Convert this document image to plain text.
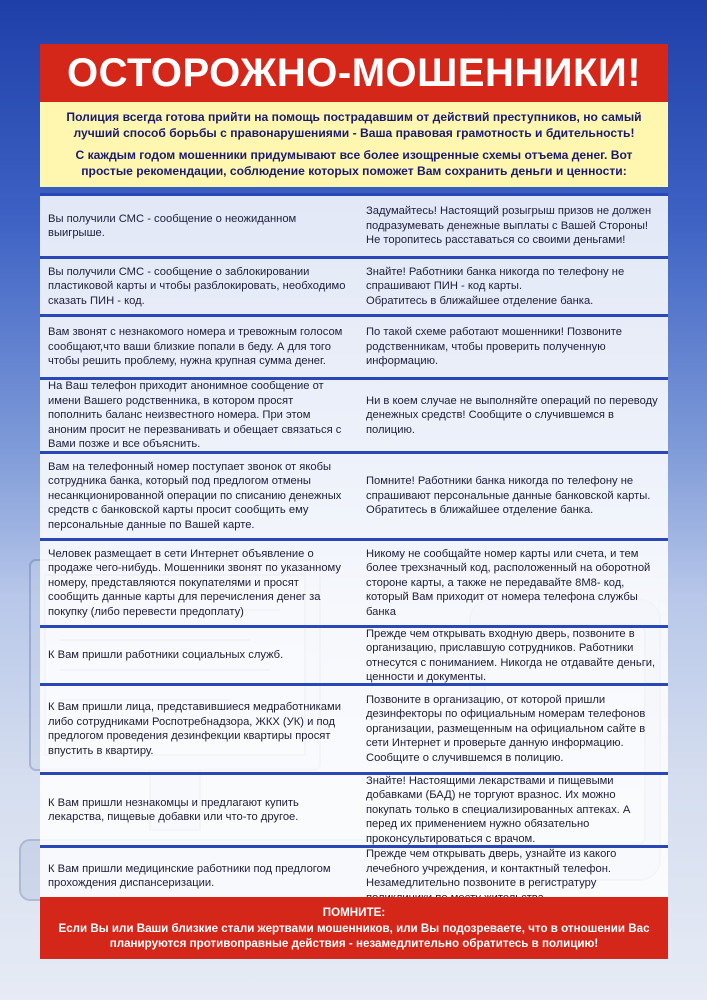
ОСТОРОЖНО-МОШЕННИКИ!

Полиция всегда готова прийти на помощь пострадавшим от действий преступников, но самый лучший способ борьбы с правонарушениями - Ваша правовая грамотность и бдительность!

С каждым годом мошенники придумывают все более изощренные схемы отъема денег. Вот простые рекомендации, соблюдение которых поможет Вам сохранить деньги и ценности:

Вы получили СМС - сообщение о неожиданном выигрыше.
Задумайтесь! Настоящий розыгрыш призов не должен подразумевать денежные выплаты с Вашей Стороны! Не торопитесь расставаться со своими деньгами!
Вы получили СМС - сообщение о заблокировании пластиковой карты и чтобы разблокировать, необходимо сказать ПИН - код.
Знайте! Работники банка никогда по телефону не спрашивают ПИН - код карты.
Обратитесь в ближайшее отделение банка.
Вам звонят с незнакомого номера и тревожным голосом сообщают,что ваши близкие попали в беду. А для того чтобы решить проблему, нужна крупная сумма денег.
По такой схеме работают мошенники! Позвоните родственникам, чтобы проверить полученную информацию.
На Ваш телефон приходит анонимное сообщение от имени Вашего родственника, в котором просят пополнить баланс неизвестного номера. При этом аноним просит не перезванивать и обещает связаться с Вами позже и все объяснить.
Ни в коем случае не выполняйте операций по переводу денежных средств! Сообщите о случившемся в полицию.
Вам на телефонный номер поступает звонок от якобы сотрудника банка, который под предлогом отмены несанкционированной операции по списанию денежных средств с банковской карты просит сообщить ему персональные данные по Вашей карте.
Помните! Работники банка никогда по телефону не спрашивают персональные данные банковской карты.
Обратитесь в ближайшее отделение банка.
Человек размещает в сети Интернет объявление о продаже чего-нибудь. Мошенники звонят по указанному номеру, представляются покупателями и просят сообщить данные карты для перечисления денег за покупку (либо перевести предоплату)
Никому не сообщайте номер карты или счета, и тем более трехзначный код, расположенный на оборотной стороне карты, а также не передавайте 8М8- код, который Вам приходит от номера телефона службы банка
К Вам пришли работники социальных служб.
Прежде чем открывать входную дверь, позвоните в организацию, приславшую сотрудников. Работники отнесутся с пониманием. Никогда не отдавайте деньги, ценности и документы.
К Вам пришли лица, представившиеся медработниками либо сотрудниками Роспотребнадзора, ЖКХ (УК) и под предлогом проведения дезинфекции квартиры просят впустить в квартиру.
Позвоните в организацию, от которой пришли дезинфекторы по официальным номерам телефонов организации, размещенным на официальном сайте в сети Интернет и проверьте данную информацию. Сообщите о случившемся в полицию.
К Вам пришли незнакомцы и предлагают купить лекарства, пищевые добавки или что-то другое.
Знайте! Настоящими лекарствами и пищевыми добавками (БАД) не торгуют вразнос. Их можно покупать только в специализированных аптеках. А перед их применением нужно обязательно проконсультироваться с врачом.
К Вам пришли медицинские работники под предлогом прохождения диспансеризации.
Прежде чем открывать дверь, узнайте из какого лечебного учреждения, и контактный телефон. Незамедлительно позвоните в регистратуру
ПОМНИТЕ:
Если Вы или Ваши близкие стали жертвами мошенников, или Вы подозреваете, что в отношении Вас планируются противоправные действия - незамедлительно обратитесь в полицию!
